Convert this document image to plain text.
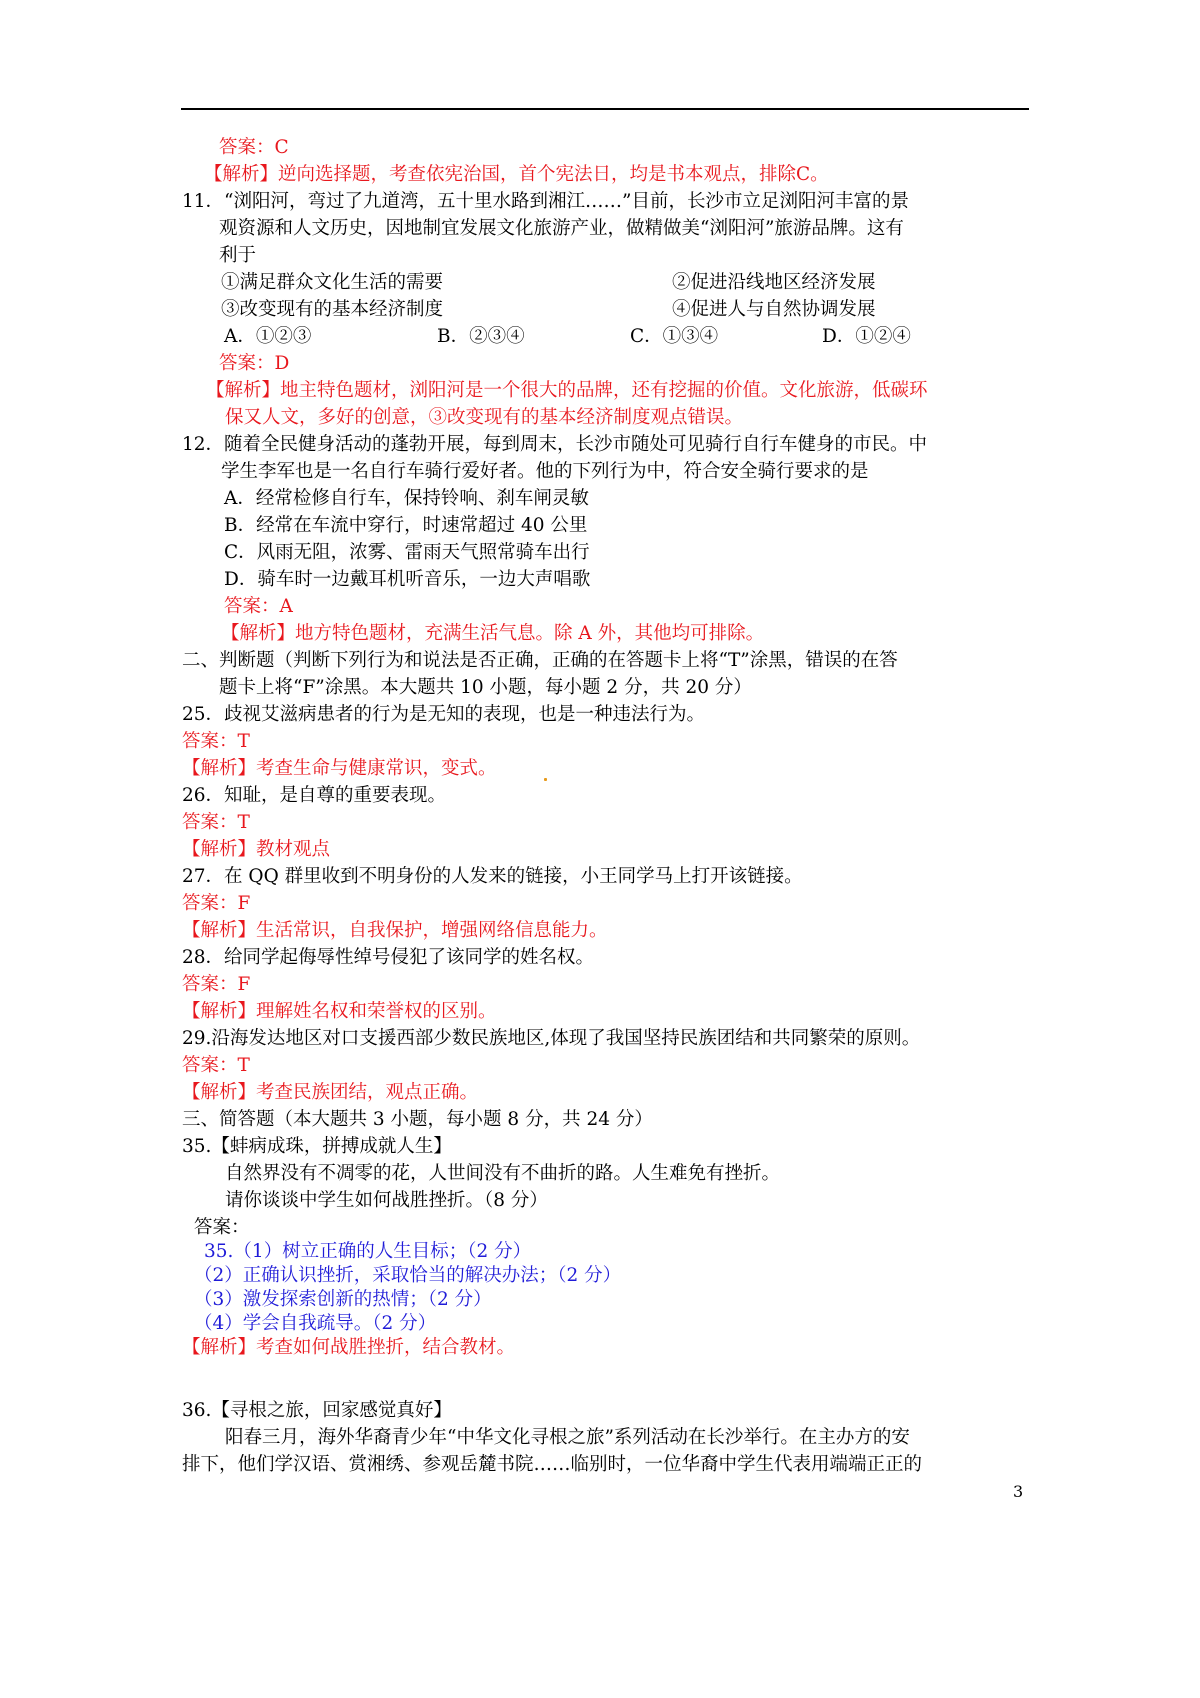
答案：C
【解析】逆向选择题，考查依宪治国，首个宪法日，均是书本观点，排除C。
11．“浏阳河，弯过了九道湾，五十里水路到湘江……”目前，长沙市立足浏阳河丰富的景
观资源和人文历史，因地制宜发展文化旅游产业，做精做美“浏阳河”旅游品牌。这有
利于
①满足群众文化生活的需要	②促进沿线地区经济发展
③改变现有的基本经济制度	④促进人与自然协调发展
A．①②③	B．②③④	C．①③④	D．①②④
答案：D
【解析】地主特色题材，浏阳河是一个很大的品牌，还有挖掘的价值。文化旅游，低碳环
保又人文，多好的创意，③改变现有的基本经济制度观点错误。
12．随着全民健身活动的蓬勃开展，每到周末，长沙市随处可见骑行自行车健身的市民。中
学生李军也是一名自行车骑行爱好者。他的下列行为中，符合安全骑行要求的是
A．经常检修自行车，保持铃响、刹车闸灵敏
B．经常在车流中穿行，时速常超过 40 公里
C．风雨无阻，浓雾、雷雨天气照常骑车出行
D．骑车时一边戴耳机听音乐，一边大声唱歌
答案：A
【解析】地方特色题材，充满生活气息。除 A 外，其他均可排除。
二、判断题（判断下列行为和说法是否正确，正确的在答题卡上将“T”涂黑，错误的在答
题卡上将“F”涂黑。本大题共 10 小题，每小题 2 分，共 20 分）
25．歧视艾滋病患者的行为是无知的表现，也是一种违法行为。
答案：T
【解析】考查生命与健康常识，变式。
26．知耻，是自尊的重要表现。
答案：T
【解析】教材观点
27．在 QQ 群里收到不明身份的人发来的链接，小王同学马上打开该链接。
答案：F
【解析】生活常识，自我保护，增强网络信息能力。
28．给同学起侮辱性绰号侵犯了该同学的姓名权。
答案：F
【解析】理解姓名权和荣誉权的区别。
29.沿海发达地区对口支援西部少数民族地区,体现了我国坚持民族团结和共同繁荣的原则。
答案：T
【解析】考查民族团结，观点正确。
三、简答题（本大题共 3 小题，每小题 8 分，共 24 分）
35.【蚌病成珠，拼搏成就人生】
自然界没有不凋零的花，人世间没有不曲折的路。人生难免有挫折。
请你谈谈中学生如何战胜挫折。（8 分）
答案：
35.（1）树立正确的人生目标；（2 分）
（2）正确认识挫折，采取恰当的解决办法；（2 分）
（3）激发探索创新的热情；（2 分）
（4）学会自我疏导。（2 分）
【解析】考查如何战胜挫折，结合教材。
36.【寻根之旅，回家感觉真好】
阳春三月，海外华裔青少年“中华文化寻根之旅”系列活动在长沙举行。在主办方的安
排下，他们学汉语、赏湘绣、参观岳麓书院……临别时，一位华裔中学生代表用端端正正的
3
